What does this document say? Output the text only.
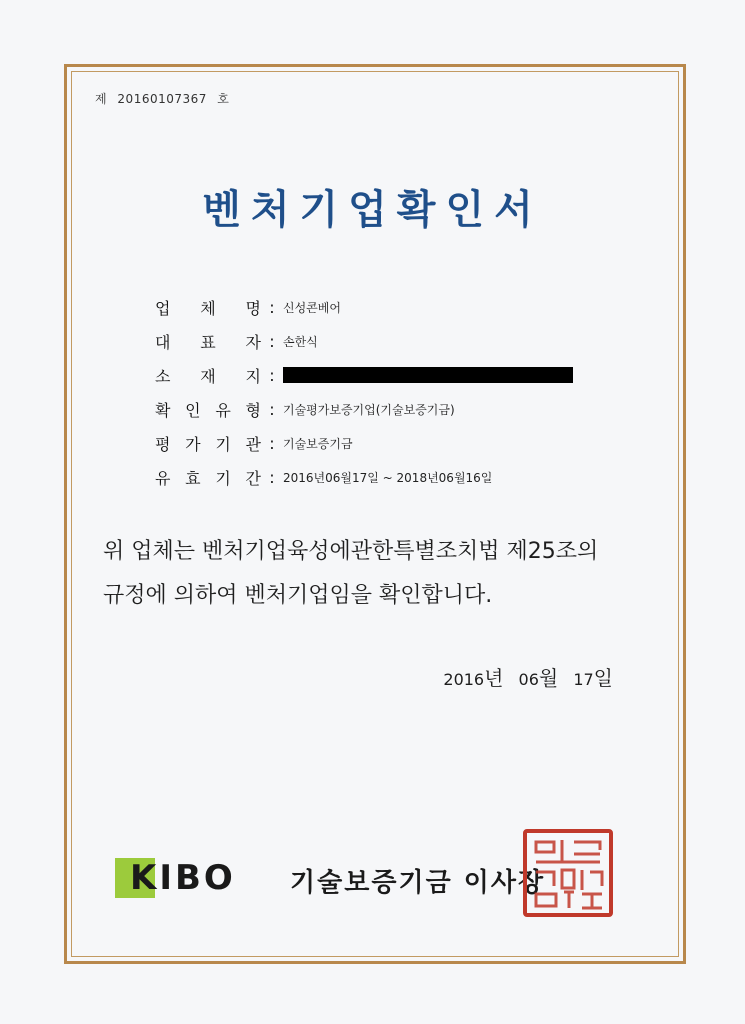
제 20160107367 호
벤처기업확인서
업 체 명 : 신성콘베어
대 표 자 : 손한식
소 재 지 :
확 인 유 형 : 기술평가보증기업(기술보증기금)
평 가 기 관 : 기술보증기금
유 효 기 간 : 2016년06월17일 ~ 2018년06월16일
위 업체는 벤처기업육성에관한특별조치법 제25조의
규정에 의하여 벤처기업임을 확인합니다.
2016년 06월 17일
KIBO 기술보증기금 이사장
